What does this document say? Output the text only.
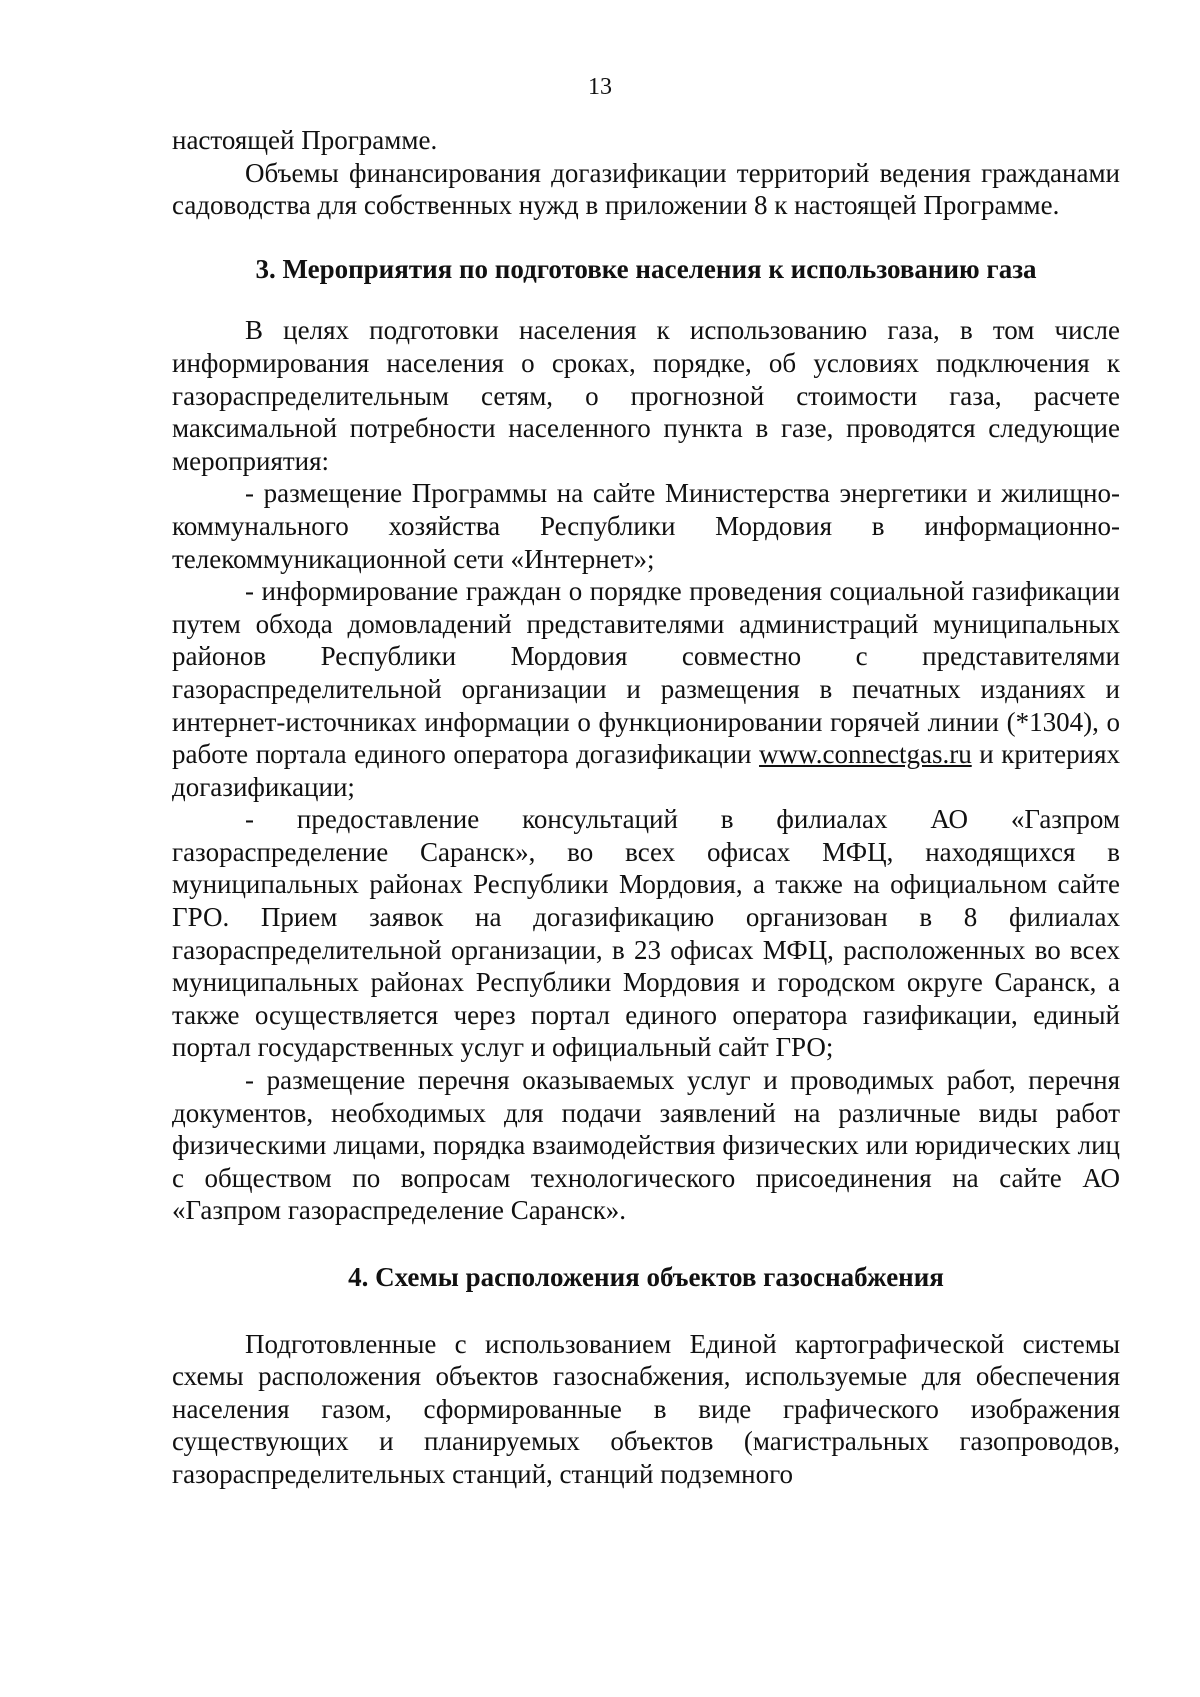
13

настоящей Программе.

Объемы финансирования догазификации территорий ведения гражданами садоводства для собственных нужд в приложении 8 к настоящей Программе.

3. Мероприятия по подготовке населения к использованию газа

В целях подготовки населения к использованию газа, в том числе информирования населения о сроках, порядке, об условиях подключения к газораспределительным сетям, о прогнозной стоимости газа, расчете максимальной потребности населенного пункта в газе, проводятся следующие мероприятия:

- размещение Программы на сайте Министерства энергетики и жилищно-коммунального хозяйства Республики Мордовия в информационно-телекоммуникационной сети «Интернет»;

- информирование граждан о порядке проведения социальной газификации путем обхода домовладений представителями администраций муниципальных районов Республики Мордовия совместно с представителями газораспределительной организации и размещения в печатных изданиях и интернет-источниках информации о функционировании горячей линии (*1304), о работе портала единого оператора догазификации www.connectgas.ru и критериях догазификации;

- предоставление консультаций в филиалах АО «Газпром газораспределение Саранск», во всех офисах МФЦ, находящихся в муниципальных районах Республики Мордовия, а также на официальном сайте ГРО. Прием заявок на догазификацию организован в 8 филиалах газораспределительной организации, в 23 офисах МФЦ, расположенных во всех муниципальных районах Республики Мордовия и городском округе Саранск, а также осуществляется через портал единого оператора газификации, единый портал государственных услуг и официальный сайт ГРО;

- размещение перечня оказываемых услуг и проводимых работ, перечня документов, необходимых для подачи заявлений на различные виды работ физическими лицами, порядка взаимодействия физических или юридических лиц с обществом по вопросам технологического присоединения на сайте АО «Газпром газораспределение Саранск».

4. Схемы расположения объектов газоснабжения

Подготовленные с использованием Единой картографической системы схемы расположения объектов газоснабжения, используемые для обеспечения населения газом, сформированные в виде графического изображения существующих и планируемых объектов (магистральных газопроводов, газораспределительных станций, станций подземного
